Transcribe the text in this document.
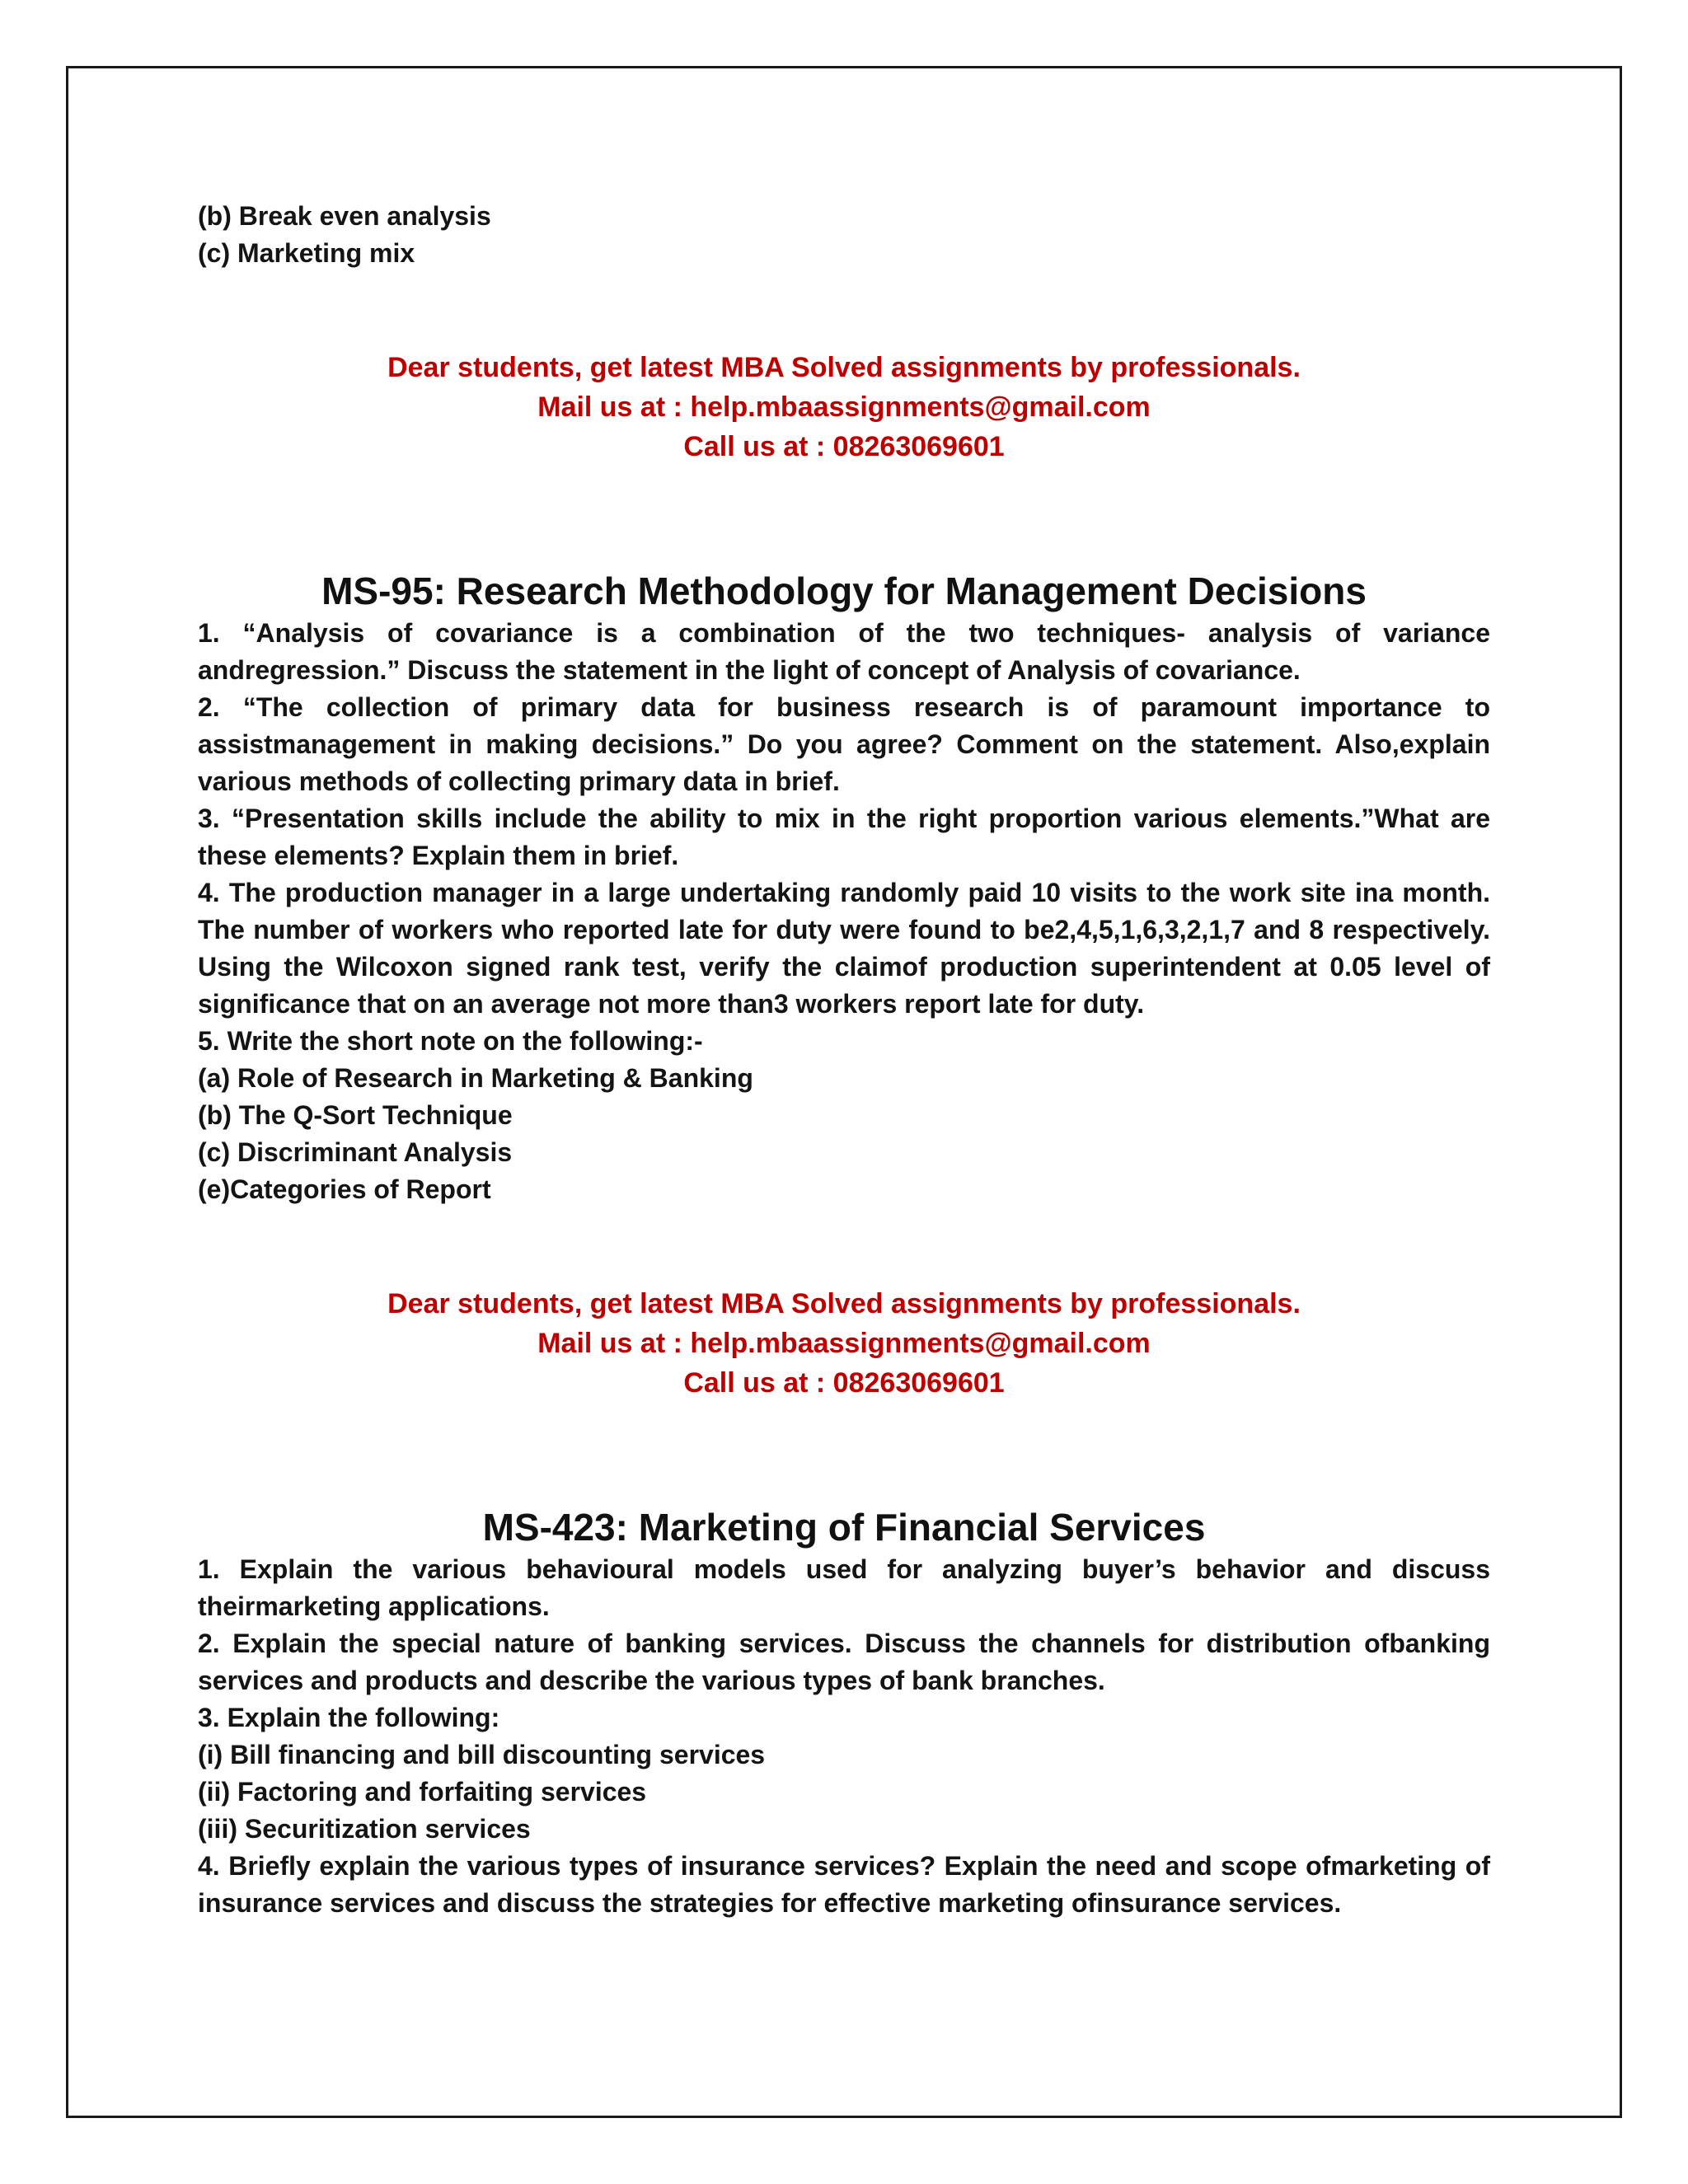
(b) Break even analysis

(c) Marketing mix

Dear students, get latest MBA Solved assignments by professionals.

Mail us at : help.mbaassignments@gmail.com

Call us at : 08263069601

MS-95: Research Methodology for Management Decisions

1. “Analysis of covariance is a combination of the two techniques- analysis of variance andregression.” Discuss the statement in the light of concept of Analysis of covariance.

2. “The collection of primary data for business research is of paramount importance to assistmanagement in making decisions.” Do you agree? Comment on the statement. Also,explain various methods of collecting primary data in brief.

3. “Presentation skills include the ability to mix in the right proportion various elements.”What are these elements? Explain them in brief.

4. The production manager in a large undertaking randomly paid 10 visits to the work site ina month. The number of workers who reported late for duty were found to be2,4,5,1,6,3,2,1,7 and 8 respectively. Using the Wilcoxon signed rank test, verify the claimof production superintendent at 0.05 level of significance that on an average not more than3 workers report late for duty.

5. Write the short note on the following:-

(a) Role of Research in Marketing & Banking

(b) The Q-Sort Technique

(c) Discriminant Analysis

(e)Categories of Report

Dear students, get latest MBA Solved assignments by professionals.

Mail us at : help.mbaassignments@gmail.com

Call us at : 08263069601

MS-423: Marketing of Financial Services

1. Explain the various behavioural models used for analyzing buyer’s behavior and discuss theirmarketing applications.

2. Explain the special nature of banking services. Discuss the channels for distribution ofbanking services and products and describe the various types of bank branches.

3. Explain the following:

(i) Bill financing and bill discounting services

(ii) Factoring and forfaiting services

(iii) Securitization services

4. Briefly explain the various types of insurance services? Explain the need and scope ofmarketing of insurance services and discuss the strategies for effective marketing ofinsurance services.
